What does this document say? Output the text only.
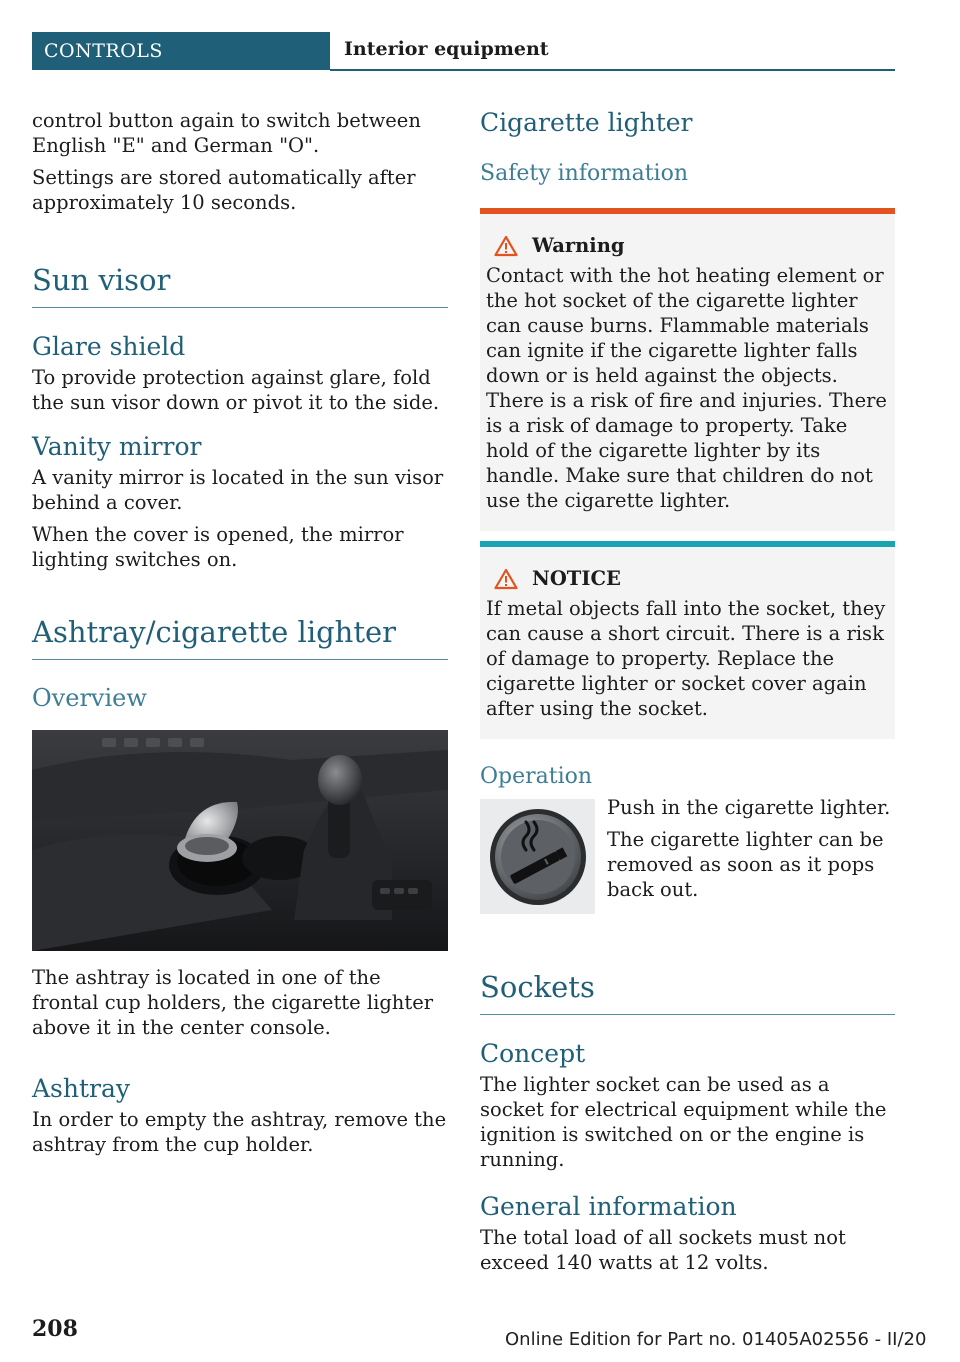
CONTROLS	Interior equipment

control button again to switch between English "E" and German "O".

Settings are stored automatically after approximately 10 seconds.

Sun visor
Glare shield

To provide protection against glare, fold the sun visor down or pivot it to the side.

Vanity mirror

A vanity mirror is located in the sun visor behind a cover.

When the cover is opened, the mirror lighting switches on.

Ashtray/cigarette lighter
Overview

The ashtray is located in one of the frontal cup holders, the cigarette lighter above it in the center console.

Ashtray

In order to empty the ashtray, remove the ashtray from the cup holder.

Cigarette lighter
Safety information
Warning

Contact with the hot heating element or the hot socket of the cigarette lighter can cause burns. Flammable materials can ignite if the cigarette lighter falls down or is held against the objects. There is a risk of fire and injuries. There is a risk of damage to property. Take hold of the cigarette lighter by its handle. Make sure that children do not use the cigarette lighter.

NOTICE

If metal objects fall into the socket, they can cause a short circuit. There is a risk of damage to property. Replace the cigarette lighter or socket cover again after using the socket.

Operation

Push in the cigarette lighter.

The cigarette lighter can be removed as soon as it pops back out.

Sockets
Concept

The lighter socket can be used as a socket for electrical equipment while the ignition is switched on or the engine is running.

General information

The total load of all sockets must not exceed 140 watts at 12 volts.

208	Online Edition for Part no. 01405A02556 - II/20
